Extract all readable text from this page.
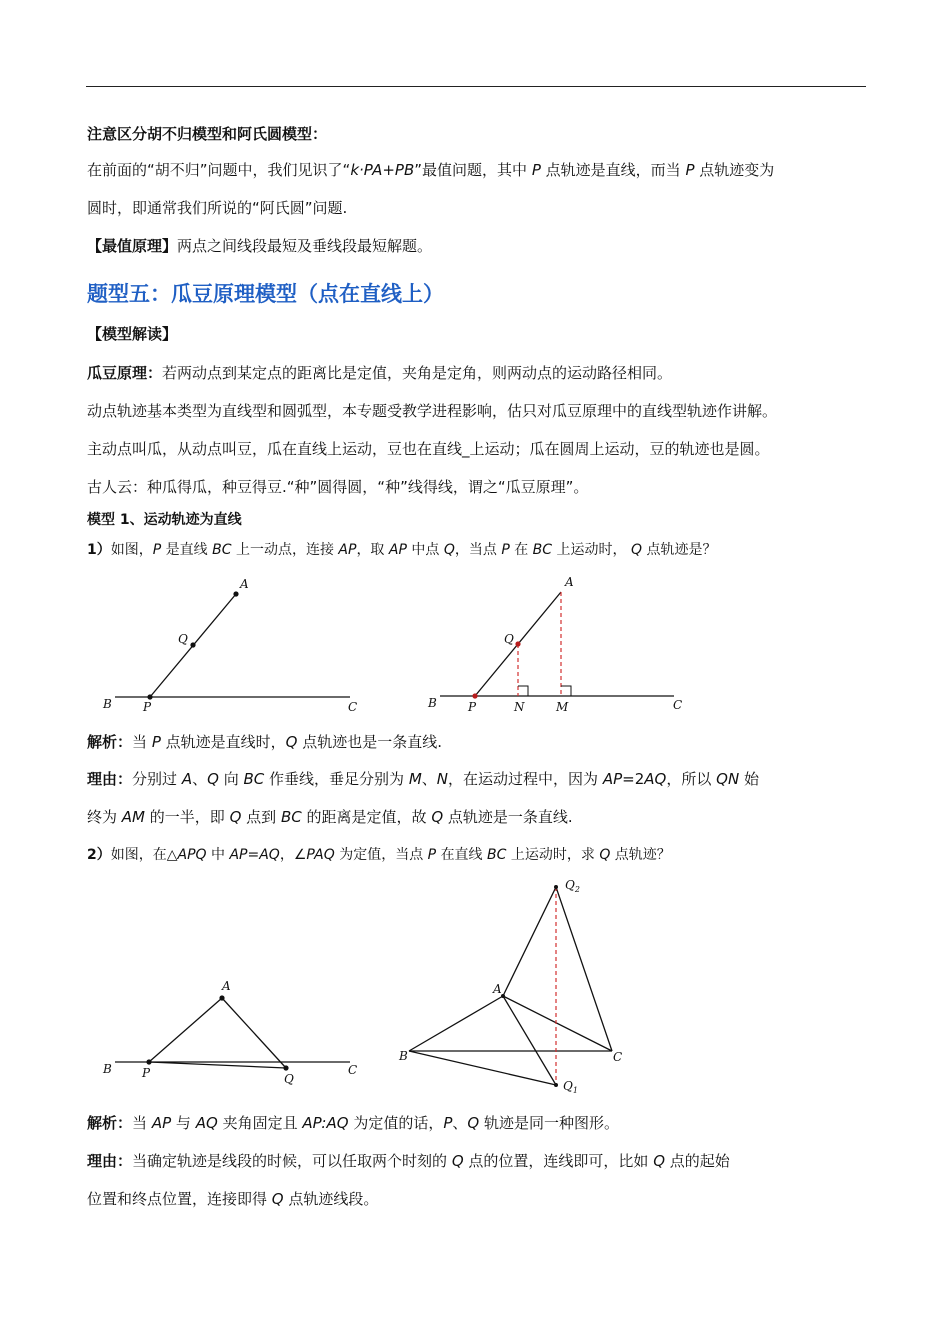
注意区分胡不归模型和阿氏圆模型：
在前面的“胡不归”问题中，我们见识了“k·PA+PB”最值问题，其中 P 点轨迹是直线，而当 P 点轨迹变为
圆时，即通常我们所说的“阿氏圆”问题.
【最值原理】两点之间线段最短及垂线段最短解题。
题型五：瓜豆原理模型（点在直线上）
【模型解读】
瓜豆原理：若两动点到某定点的距离比是定值，夹角是定角，则两动点的运动路径相同。
动点轨迹基本类型为直线型和圆弧型，本专题受教学进程影响，估只对瓜豆原理中的直线型轨迹作讲解。
主动点叫瓜，从动点叫豆，瓜在直线上运动，豆也在直线_上运动；瓜在圆周上运动，豆的轨迹也是圆。
古人云：种瓜得瓜，种豆得豆.“种”圆得圆，“种”线得线，谓之“瓜豆原理”。
模型 1、运动轨迹为直线
1）如图，P 是直线 BC 上一动点，连接 AP，取 AP 中点 Q，当点 P 在 BC 上运动时， Q 点轨迹是？
A
Q
B	P	C
A
Q
B	P	N	M	C
解析：当 P 点轨迹是直线时，Q 点轨迹也是一条直线.
理由：分别过 A、Q 向 BC 作垂线，垂足分别为 M、N，在运动过程中，因为 AP=2AQ，所以 QN 始
终为 AM 的一半，即 Q 点到 BC 的距离是定值，故 Q 点轨迹是一条直线.
2）如图，在△APQ 中 AP=AQ，∠PAQ 为定值，当点 P 在直线 BC 上运动时，求 Q 点轨迹？
A
B	P	Q
C
$Q_2$
A
B	C
$Q_1$
解析：当 AP 与 AQ 夹角固定且 AP:AQ 为定值的话，P、Q 轨迹是同一种图形。
理由：当确定轨迹是线段的时候，可以任取两个时刻的 Q 点的位置，连线即可，比如 Q 点的起始
位置和终点位置，连接即得 Q 点轨迹线段。
